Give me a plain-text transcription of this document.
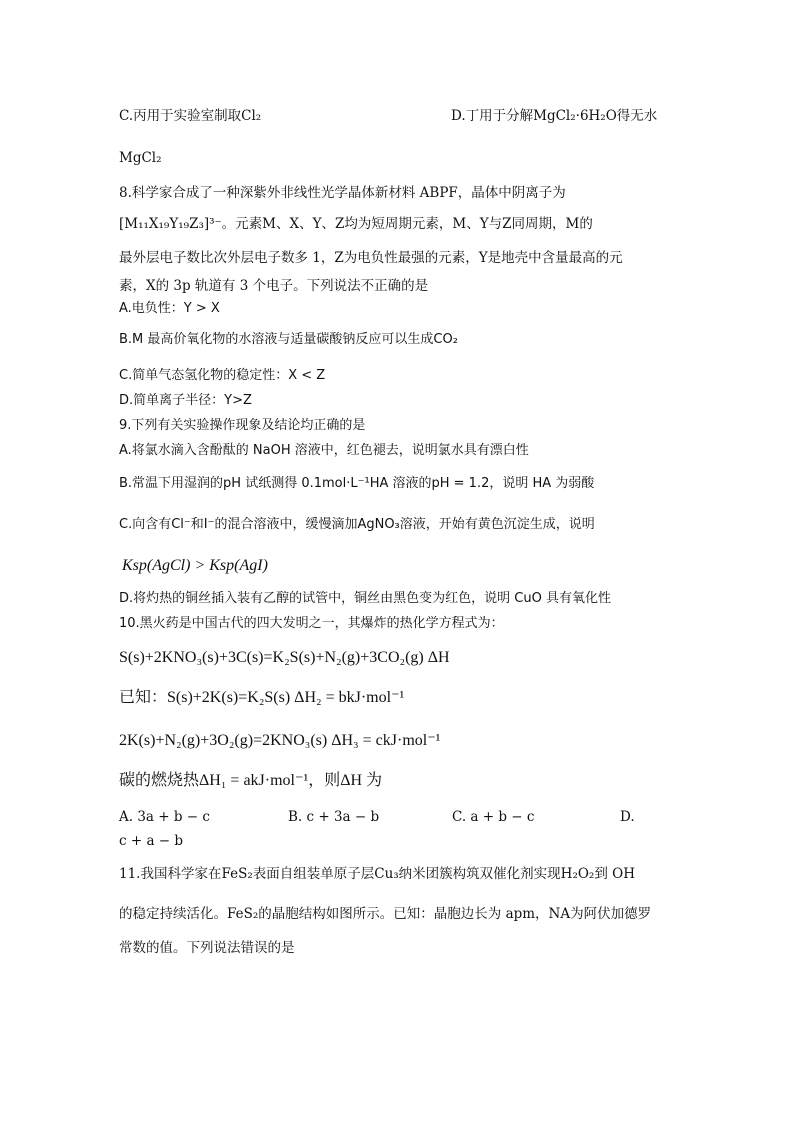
C.丙用于实验室制取Cl₂	D.丁用于分解MgCl₂·6H₂O得无水
MgCl₂
8.科学家合成了一种深紫外非线性光学晶体新材料 ABPF，晶体中阴离子为
[M₁₁X₁₉Y₁₉Z₃]³⁻。元素M、X、Y、Z均为短周期元素，M、Y与Z同周期，M的
最外层电子数比次外层电子数多 1，Z为电负性最强的元素，Y是地壳中含量最高的元
素，X的 3p 轨道有 3 个电子。下列说法不正确的是
A.电负性：Y > X
B.M 最高价氧化物的水溶液与适量碳酸钠反应可以生成CO₂
C.简单气态氢化物的稳定性：X < Z
D.简单离子半径：Y>Z
9.下列有关实验操作现象及结论均正确的是
A.将氯水滴入含酚酞的 NaOH 溶液中，红色褪去，说明氯水具有漂白性
B.常温下用湿润的pH 试纸测得 0.1mol·L⁻¹HA 溶液的pH = 1.2，说明 HA 为弱酸
C.向含有Cl⁻和I⁻的混合溶液中，缓慢滴加AgNO₃溶液，开始有黄色沉淀生成，说明
Ksp(AgCl) > Ksp(AgI)
D.将灼热的铜丝插入装有乙醇的试管中，铜丝由黑色变为红色，说明 CuO 具有氧化性
10.黑火药是中国古代的四大发明之一，其爆炸的热化学方程式为：
S(s)+2KNO₃(s)+3C(s)=K₂S(s)+N₂(g)+3CO₂(g) ΔH
已知：S(s)+2K(s)=K₂S(s) ΔH₂ = bkJ·mol⁻¹
2K(s)+N₂(g)+3O₂(g)=2KNO₃(s) ΔH₃ = ckJ·mol⁻¹
碳的燃烧热ΔH₁ = akJ·mol⁻¹，则ΔH 为
A. 3a + b − c	B. c + 3a − b	C. a + b − c	D.
c + a − b
11.我国科学家在FeS₂表面自组装单原子层Cu₃纳米团簇构筑双催化剂实现H₂O₂到 OH
的稳定持续活化。FeS₂的晶胞结构如图所示。已知：晶胞边长为 apm，NA为阿伏加德罗
常数的值。下列说法错误的是
